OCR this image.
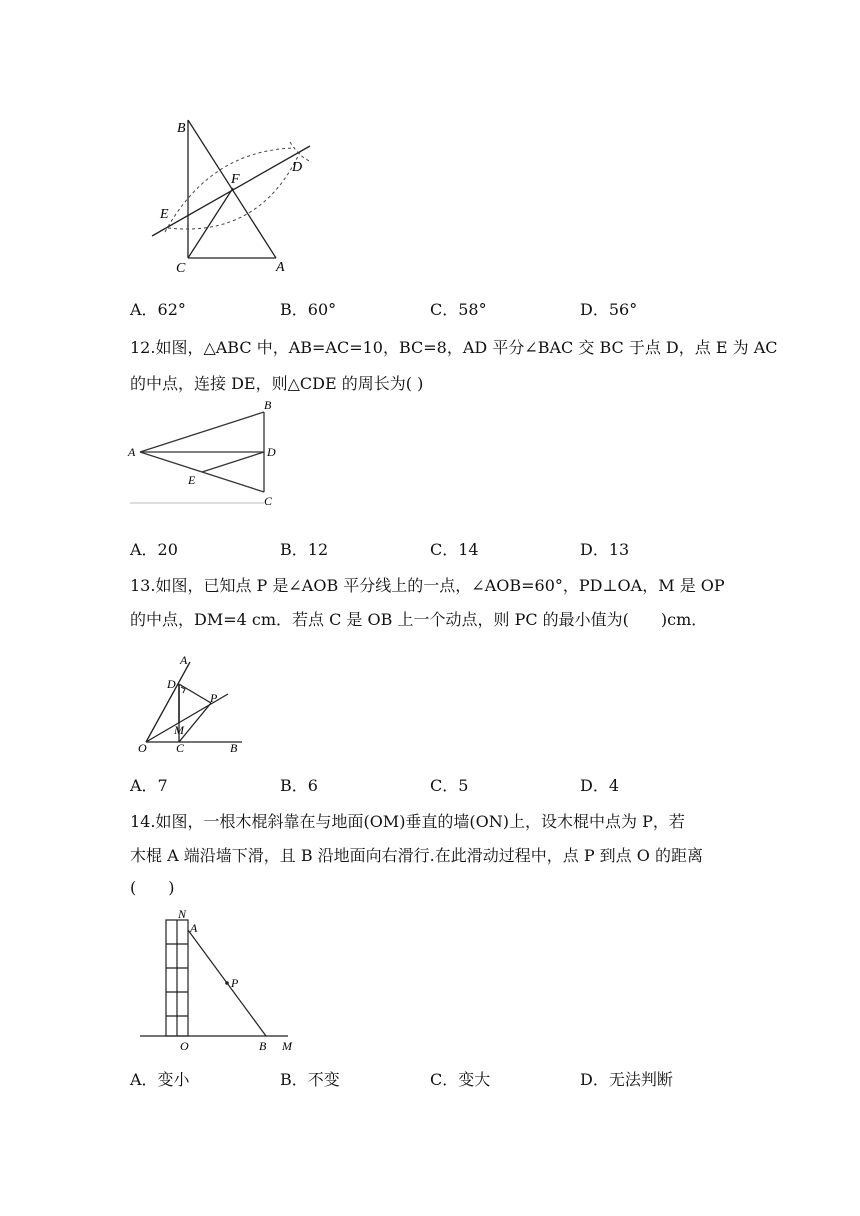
B
F
D
E
C	A
A．62°	B．60°	C．58°	D．56°
12.如图，△ABC 中，AB=AC=10，BC=8，AD 平分∠BAC 交 BC 于点 D，点 E 为 AC
的中点，连接 DE，则△CDE 的周长为( )
A
B
D
E
C
A．20	B．12	C．14	D．13
13.如图，已知点 P 是∠AOB 平分线上的一点，∠AOB=60°，PD⊥OA，M 是 OP
的中点，DM=4 cm．若点 C 是 OB 上一个动点，则 PC 的最小值为(　　)cm．
A
D
P
M
O C	B
A．7	B．6	C．5	D．4
14.如图，一根木棍斜靠在与地面(OM)垂直的墙(ON)上，设木棍中点为 P，若
木棍 A 端沿墙下滑，且 B 沿地面向右滑行.在此滑动过程中，点 P 到点 O 的距离
(　　)
N
A
P
O	B M
A．变小	B．不变	C．变大	D．无法判断
